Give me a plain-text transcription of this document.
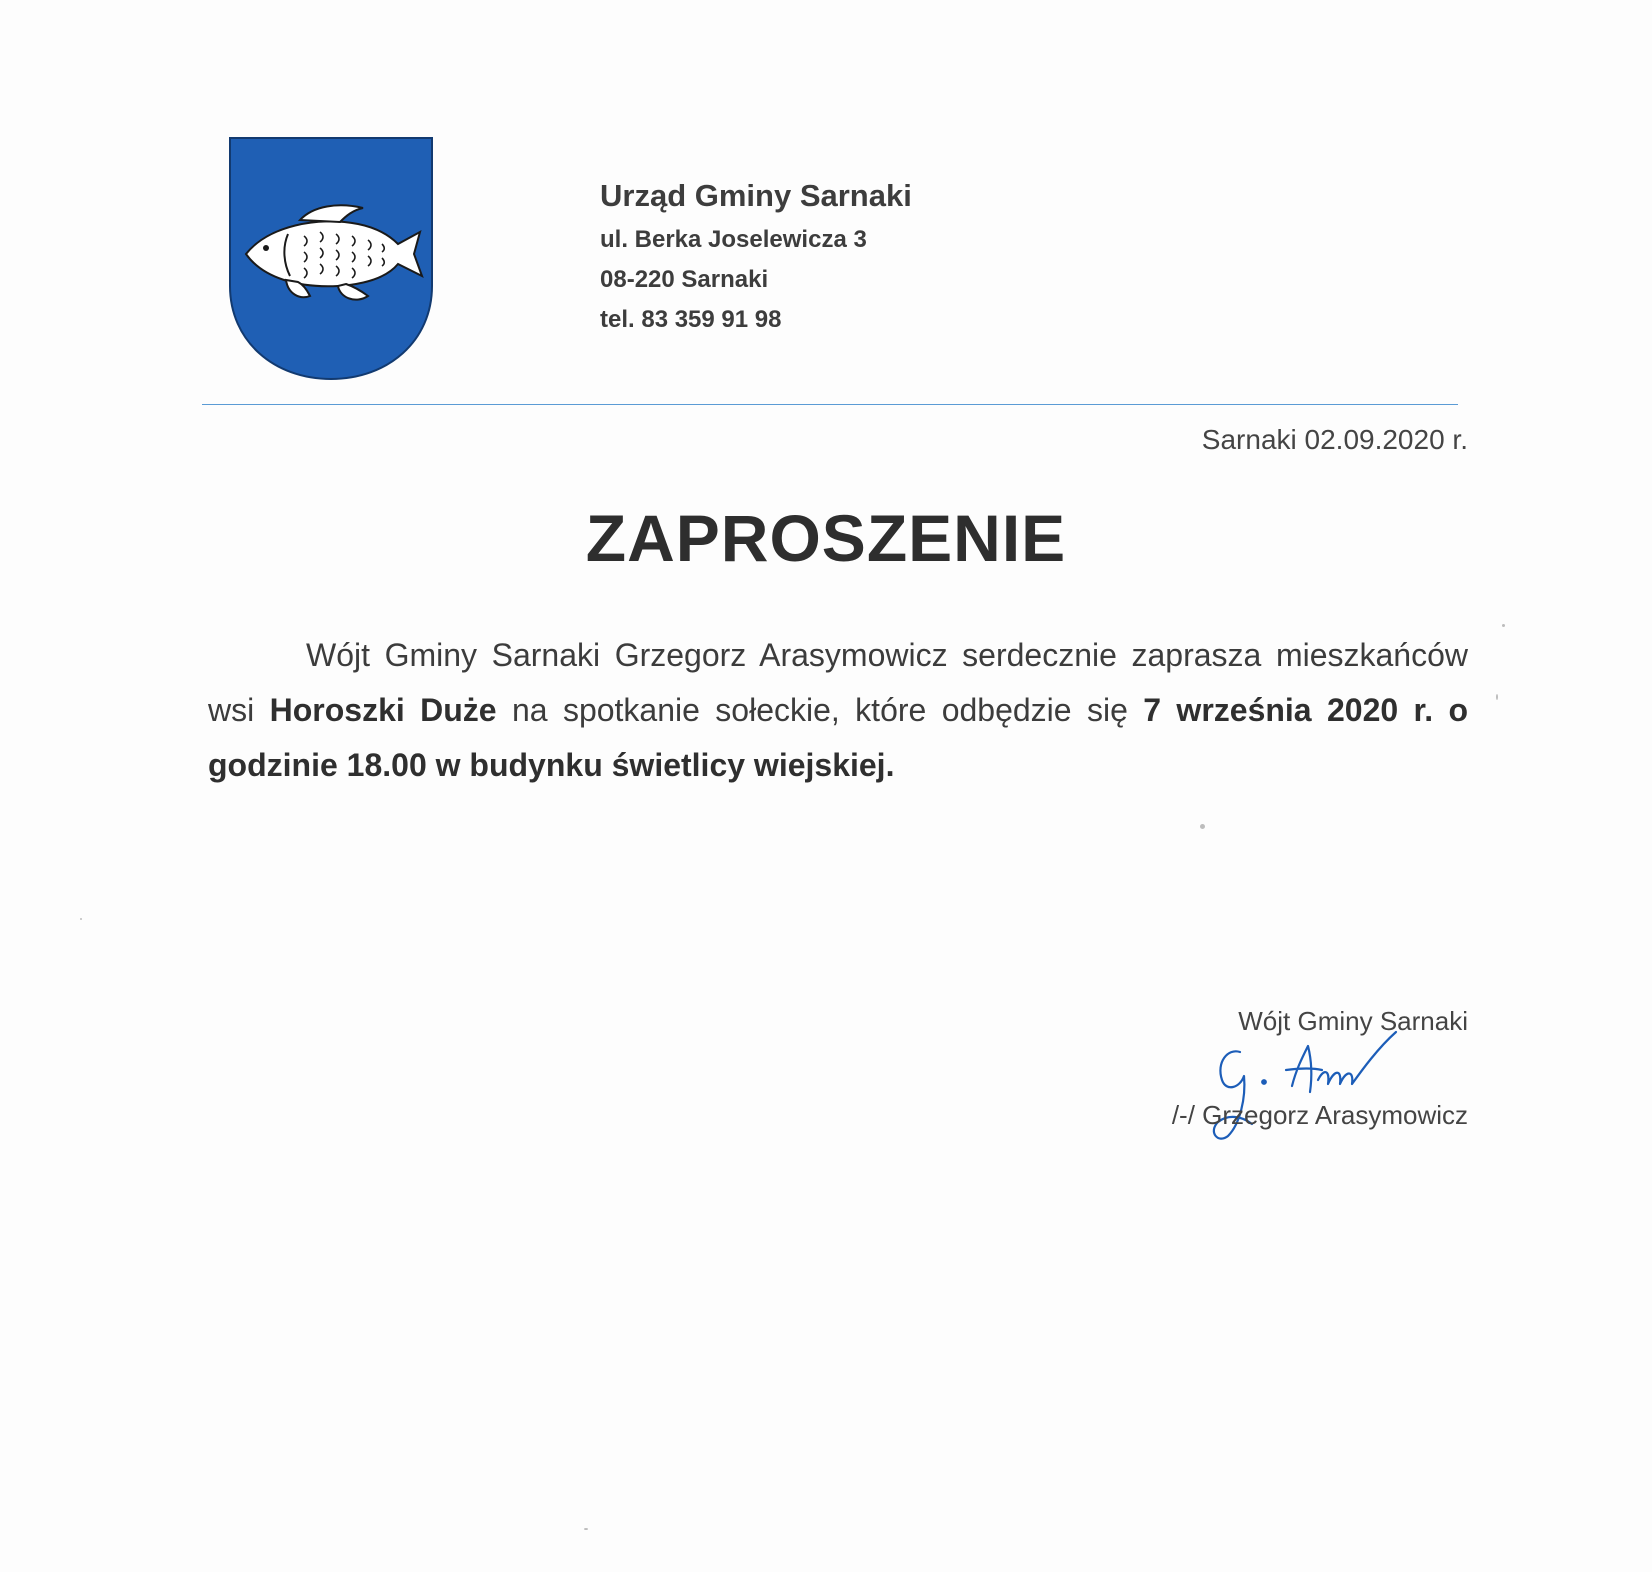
Urząd Gminy Sarnaki
ul. Berka Joselewicza 3
08-220 Sarnaki
tel. 83 359 91 98
Sarnaki 02.09.2020 r.
ZAPROSZENIE
Wójt Gminy Sarnaki Grzegorz Arasymowicz serdecznie zaprasza mieszkańców wsi Horoszki Duże na spotkanie sołeckie, które odbędzie się 7 września 2020 r. o godzinie 18.00 w budynku świetlicy wiejskiej.
Wójt Gminy Sarnaki
/-/ Grzegorz Arasymowicz
